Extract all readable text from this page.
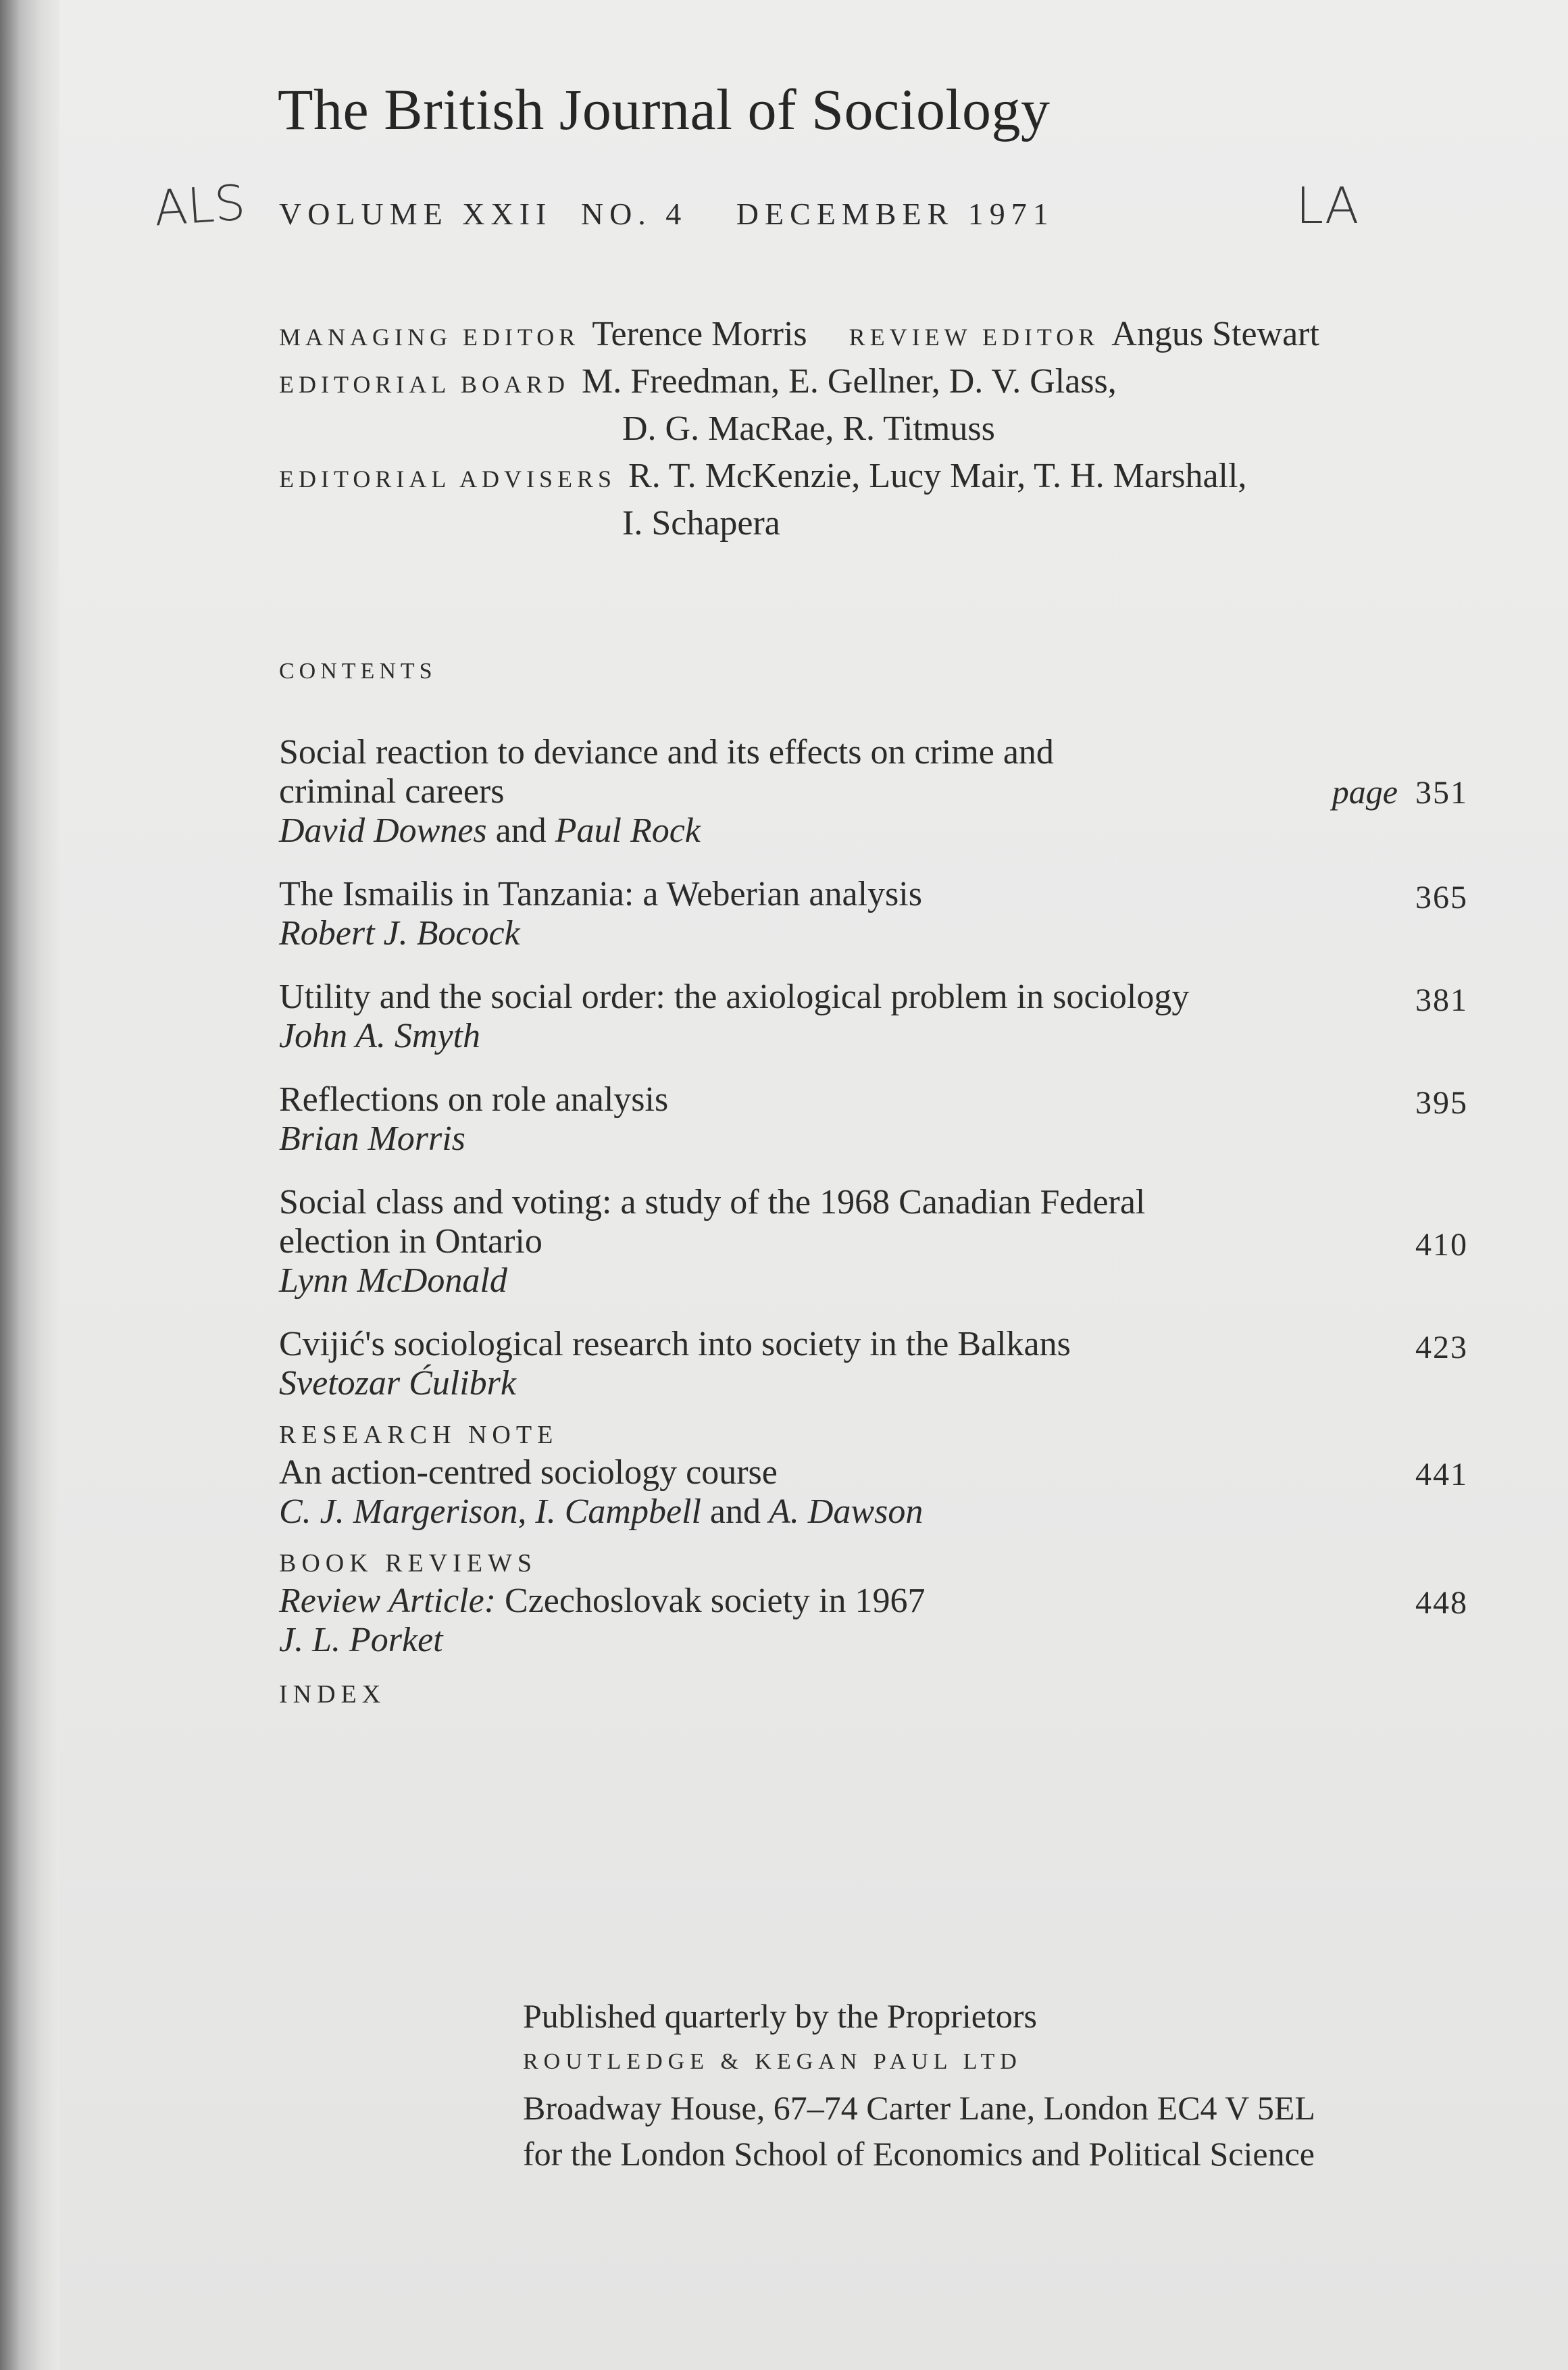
The British Journal of Sociology
ALS	LA
VOLUME XXII NO. 4 DECEMBER 1971
MANAGING EDITOR Terence Morris REVIEW EDITOR Angus Stewart
EDITORIAL BOARD M. Freedman, E. Gellner, D. V. Glass,
D. G. MacRae, R. Titmuss
EDITORIAL ADVISERS R. T. McKenzie, Lucy Mair, T. H. Marshall,
I. Schapera
CONTENTS
Social reaction to deviance and its effects on crime and
criminal careers
David Downes and Paul Rock
page 351
The Ismailis in Tanzania: a Weberian analysis
Robert J. Bocock
365
Utility and the social order: the axiological problem in sociology
John A. Smyth
381
Reflections on role analysis
Brian Morris
395
Social class and voting: a study of the 1968 Canadian Federal
election in Ontario
Lynn McDonald
410
Cvijić's sociological research into society in the Balkans
Svetozar Ćulibrk
423
RESEARCH NOTE
An action-centred sociology course
C. J. Margerison, I. Campbell and A. Dawson
441
BOOK REVIEWS
Review Article: Czechoslovak society in 1967
J. L. Porket
448
INDEX
Published quarterly by the Proprietors
ROUTLEDGE & KEGAN PAUL LTD
Broadway House, 67–74 Carter Lane, London EC4 V 5EL
for the London School of Economics and Political Science
